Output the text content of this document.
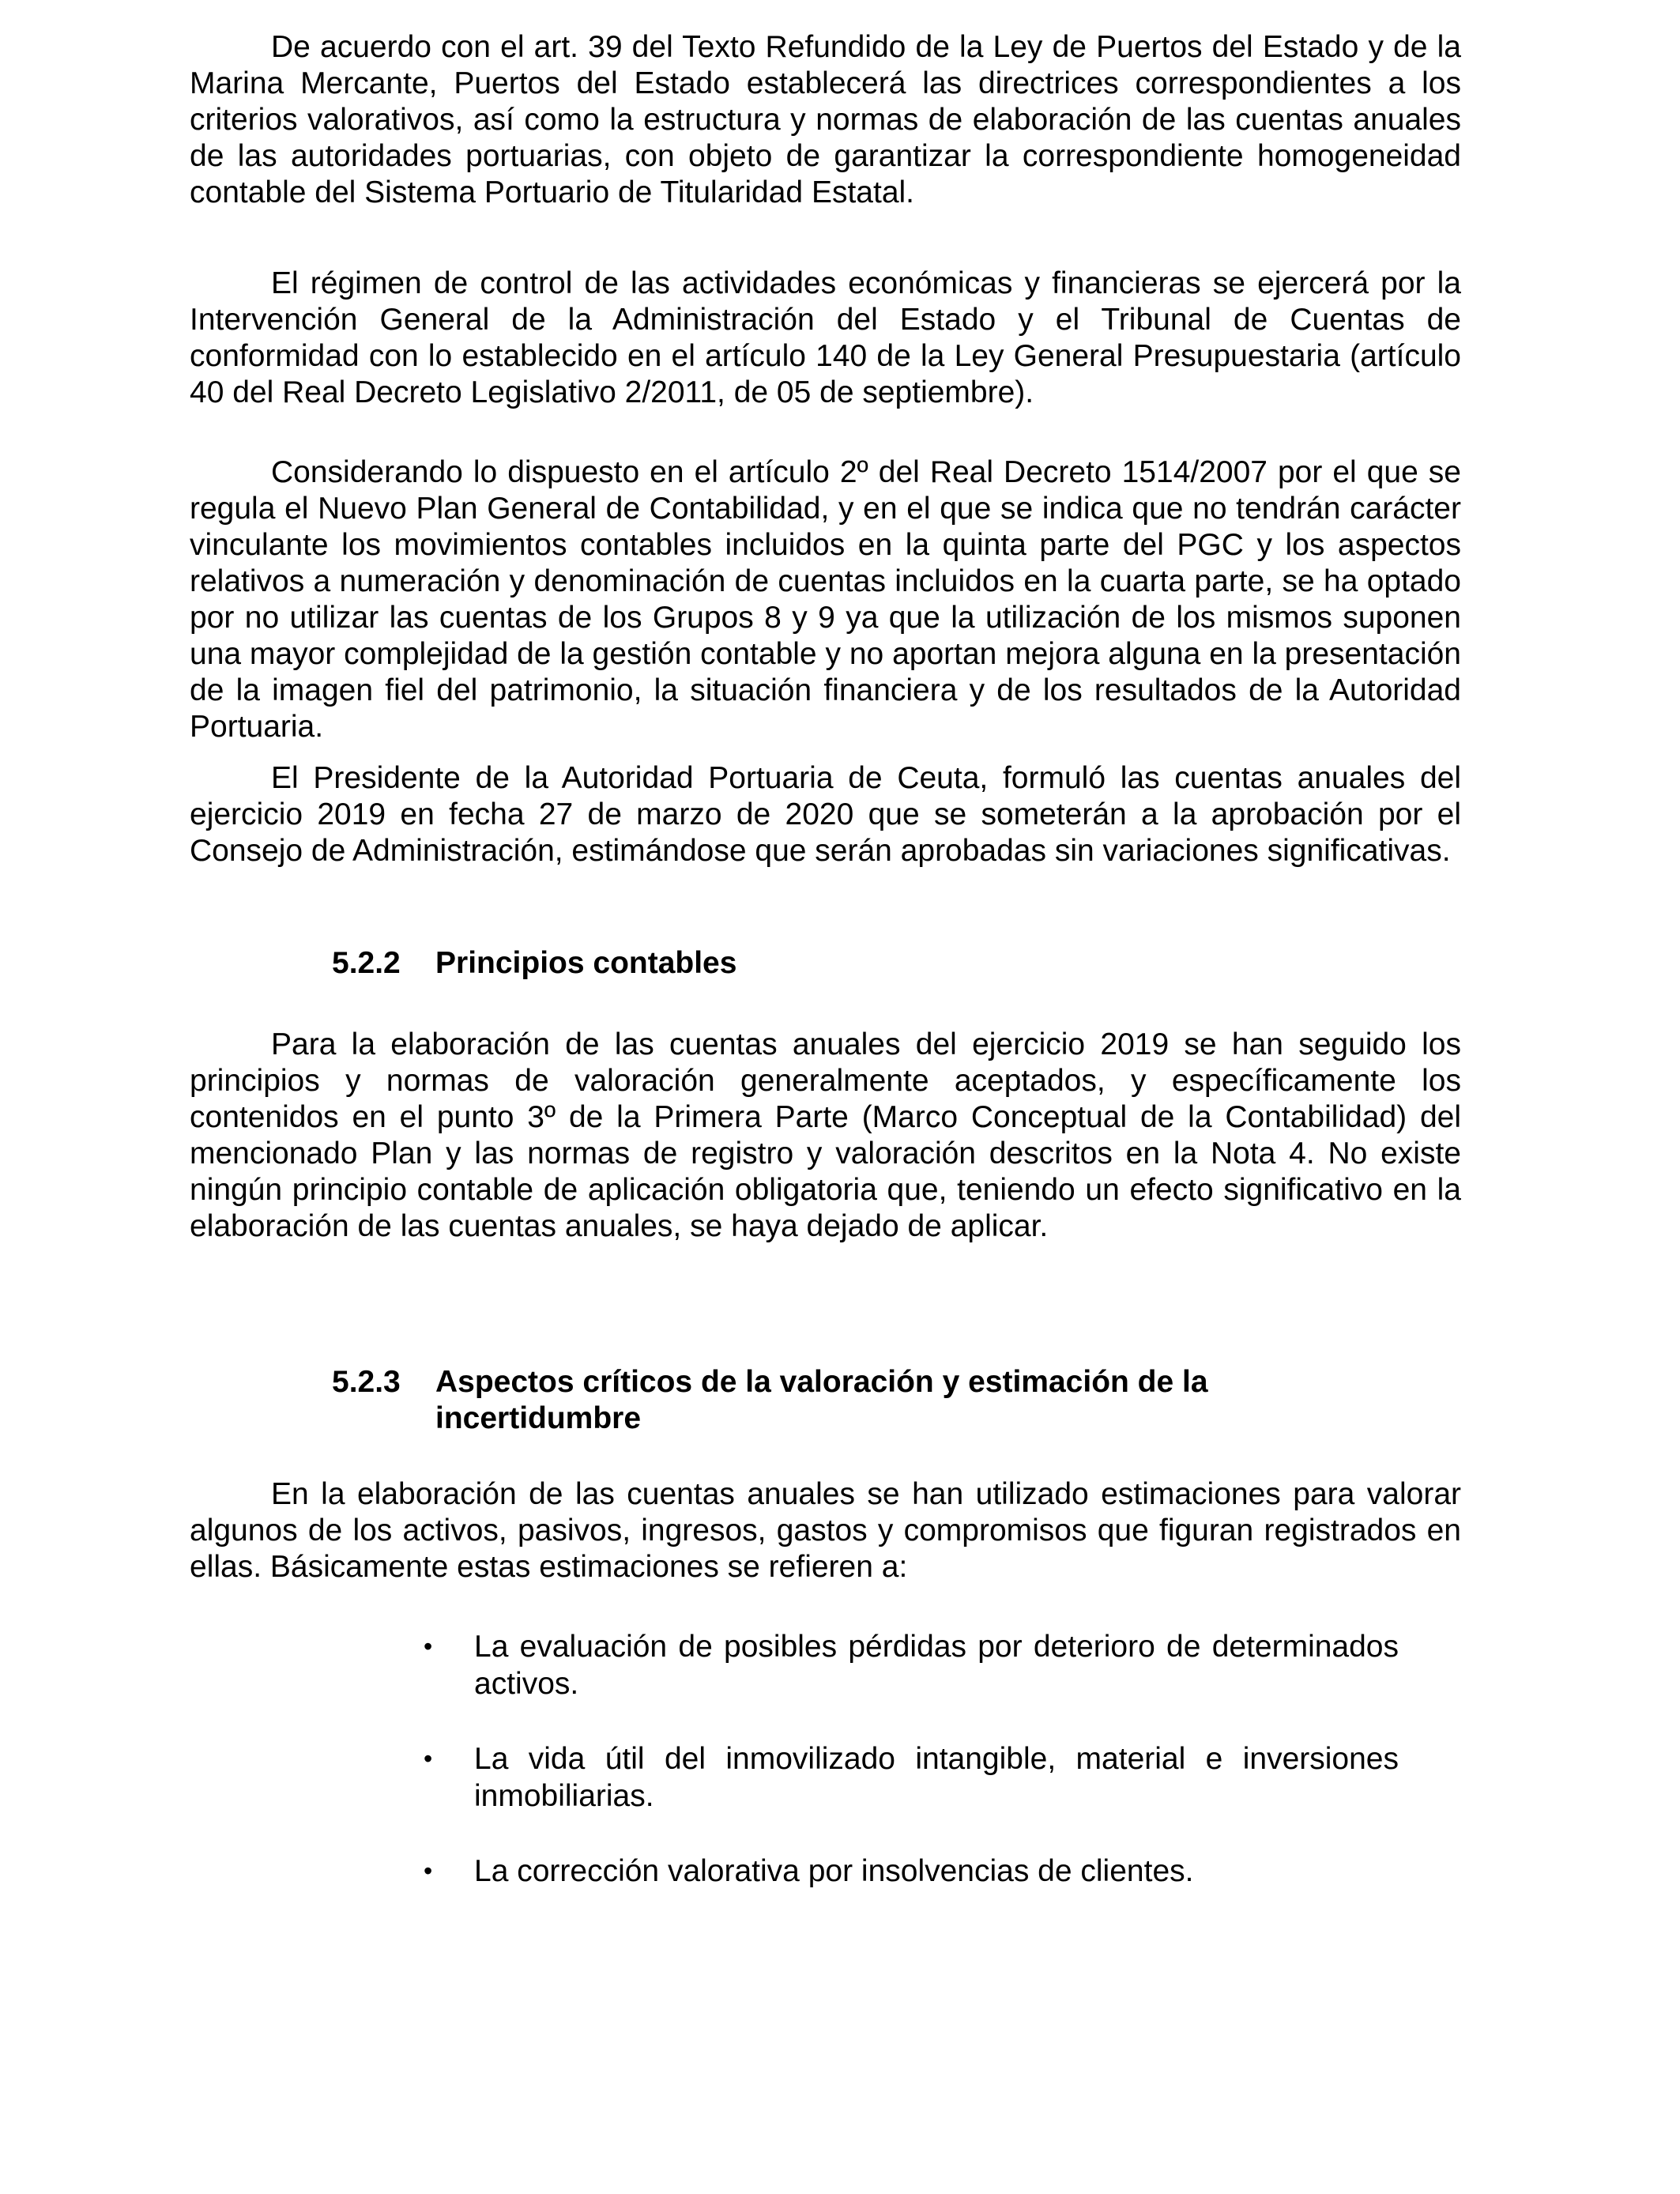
De acuerdo con el art. 39 del Texto Refundido de la Ley de Puertos del Estado y de la Marina Mercante, Puertos del Estado establecerá las directrices correspondientes a los criterios valorativos, así como la estructura y normas de elaboración de las cuentas anuales de las autoridades portuarias, con objeto de garantizar la correspondiente homogeneidad contable del Sistema Portuario de Titularidad Estatal.

El régimen de control de las actividades económicas y financieras se ejercerá por la Intervención General de la Administración del Estado y el Tribunal de Cuentas de conformidad con lo establecido en el artículo 140 de la Ley General Presupuestaria (artículo 40 del Real Decreto Legislativo 2/2011, de 05 de septiembre).

Considerando lo dispuesto en el artículo 2º del Real Decreto 1514/2007 por el que se regula el Nuevo Plan General de Contabilidad, y en el que se indica que no tendrán carácter vinculante los movimientos contables incluidos en la quinta parte del PGC y los aspectos relativos a numeración y denominación de cuentas incluidos en la cuarta parte, se ha optado por no utilizar las cuentas de los Grupos 8 y 9 ya que la utilización de los mismos suponen una mayor complejidad de la gestión contable y no aportan mejora alguna en la presentación de la imagen fiel del patrimonio, la situación financiera y de los resultados de la Autoridad Portuaria.

El Presidente de la Autoridad Portuaria de Ceuta, formuló las cuentas anuales del ejercicio 2019 en fecha 27 de marzo de 2020 que se someterán a la aprobación por el Consejo de Administración, estimándose que serán aprobadas sin variaciones significativas.

5.2.2 Principios contables

Para la elaboración de las cuentas anuales del ejercicio 2019 se han seguido los principios y normas de valoración generalmente aceptados, y específicamente los contenidos en el punto 3º de la Primera Parte (Marco Conceptual de la Contabilidad) del mencionado Plan y las normas de registro y valoración descritos en la Nota 4. No existe ningún principio contable de aplicación obligatoria que, teniendo un efecto significativo en la elaboración de las cuentas anuales, se haya dejado de aplicar.

5.2.3 Aspectos críticos de la valoración y estimación de la
incertidumbre

En la elaboración de las cuentas anuales se han utilizado estimaciones para valorar algunos de los activos, pasivos, ingresos, gastos y compromisos que figuran registrados en ellas. Básicamente estas estimaciones se refieren a:

• La evaluación de posibles pérdidas por deterioro de determinados activos.
• La vida útil del inmovilizado intangible, material e inversiones inmobiliarias.
• La corrección valorativa por insolvencias de clientes.
